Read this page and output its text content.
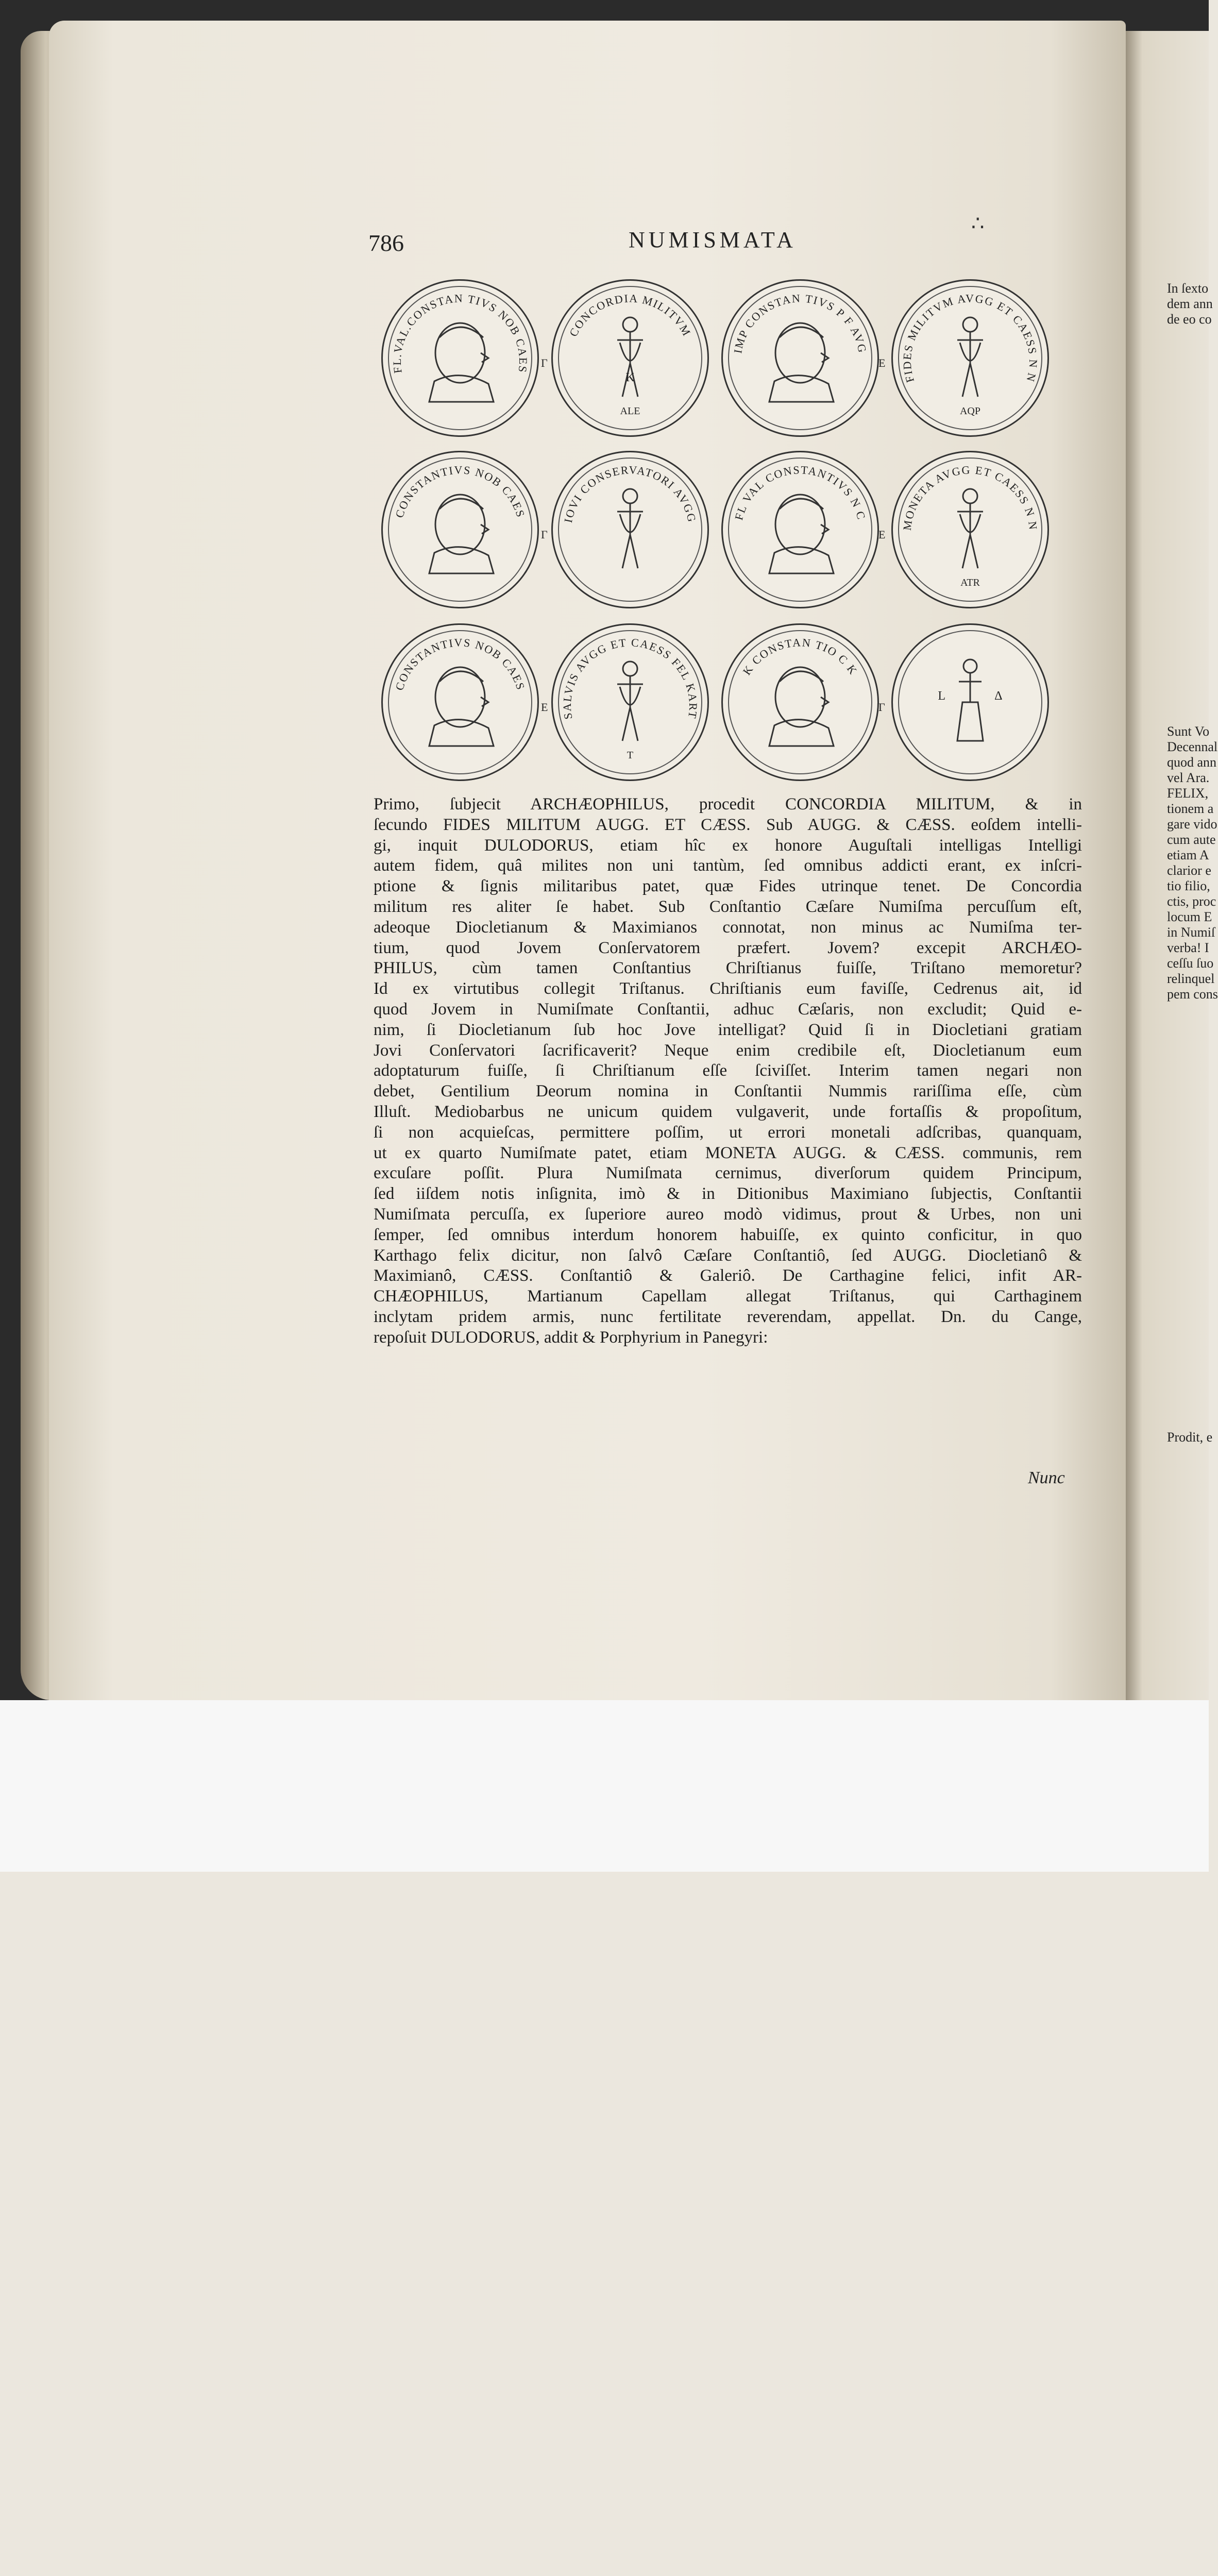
786	NUMISMATA
∴
FL.VAL.CONSTAN TIVS NOB CAES
Γ
CONCORDIA MILITVM
K
ALE
IMP CONSTAN TIVS P F AVG
Ε
FIDES MILITVM AVGG ET CAESS N N
AQP
CONSTANTIVS NOB CAES
Γ
IOVI CONSERVATORI AVGG	FL VAL CONSTANTIVS N C
Ε
MONETA AVGG ET CAESS N N
ATR
CONSTANTIVS NOB CAES
Ε
SALVIS AVGG ET CAESS FEL KART
T
K CONSTAN TIO C K
Γ
L Δ

Primo, ſubjecit ARCHÆOPHILUS, procedit CONCORDIA MILITUM, & in

ſecundo FIDES MILITUM AUGG. ET CÆSS. Sub AUGG. & CÆSS. eoſdem intelli-

gi, inquit DULODORUS, etiam hîc ex honore Auguſtali intelligas Intelligi

autem fidem, quâ milites non uni tantùm, ſed omnibus addicti erant, ex inſcri-

ptione & ſignis militaribus patet, quæ Fides utrinque tenet. De Concordia

militum res aliter ſe habet. Sub Conſtantio Cæſare Numiſma percuſſum eſt,

adeoque Diocletianum & Maximianos connotat, non minus ac Numiſma ter-

tium, quod Jovem Conſervatorem præfert. Jovem? excepit ARCHÆO-

PHILUS, cùm tamen Conſtantius Chriſtianus fuiſſe, Triſtano memoretur?

Id ex virtutibus collegit Triſtanus. Chriſtianis eum faviſſe, Cedrenus ait, id

quod Jovem in Numiſmate Conſtantii, adhuc Cæſaris, non excludit; Quid e-

nim, ſi Diocletianum ſub hoc Jove intelligat? Quid ſi in Diocletiani gratiam

Jovi Conſervatori ſacrificaverit? Neque enim credibile eſt, Diocletianum eum

adoptaturum fuiſſe, ſi Chriſtianum eſſe ſciviſſet. Interim tamen negari non

debet, Gentilium Deorum nomina in Conſtantii Nummis rariſſima eſſe, cùm

Illuſt. Mediobarbus ne unicum quidem vulgaverit, unde fortaſſis & propoſitum,

ſi non acquieſcas, permittere poſſim, ut errori monetali adſcribas, quanquam,

ut ex quarto Numiſmate patet, etiam MONETA AUGG. & CÆSS. communis, rem

excuſare poſſit. Plura Numiſmata cernimus, diverſorum quidem Principum,

ſed iiſdem notis inſignita, imò & in Ditionibus Maximiano ſubjectis, Conſtantii

Numiſmata percuſſa, ex ſuperiore aureo modò vidimus, prout & Urbes, non uni

ſemper, ſed omnibus interdum honorem habuiſſe, ex quinto conficitur, in quo

Karthago felix dicitur, non ſalvô Cæſare Conſtantiô, ſed AUGG. Diocletianô &

Maximianô, CÆSS. Conſtantiô & Galeriô. De Carthagine felici, infit AR-

CHÆOPHILUS, Martianum Capellam allegat Triſtanus, qui Carthaginem

inclytam pridem armis, nunc fertilitate reverendam, appellat. Dn. du Cange,

repoſuit DULODORUS, addit & Porphyrium in Panegyri:

Nunc
In ſexto
dem ann
de eo co
Sunt Vo
Decennal
quod ann
vel Ara.
FELIX,
tionem a
gare vido
cum aute
etiam A
clarior e
tio filio,
ctis, proc
locum E
in Numiſ
verba! I
ceſſu ſuo
relinquel
pem cons
Prodit, e
